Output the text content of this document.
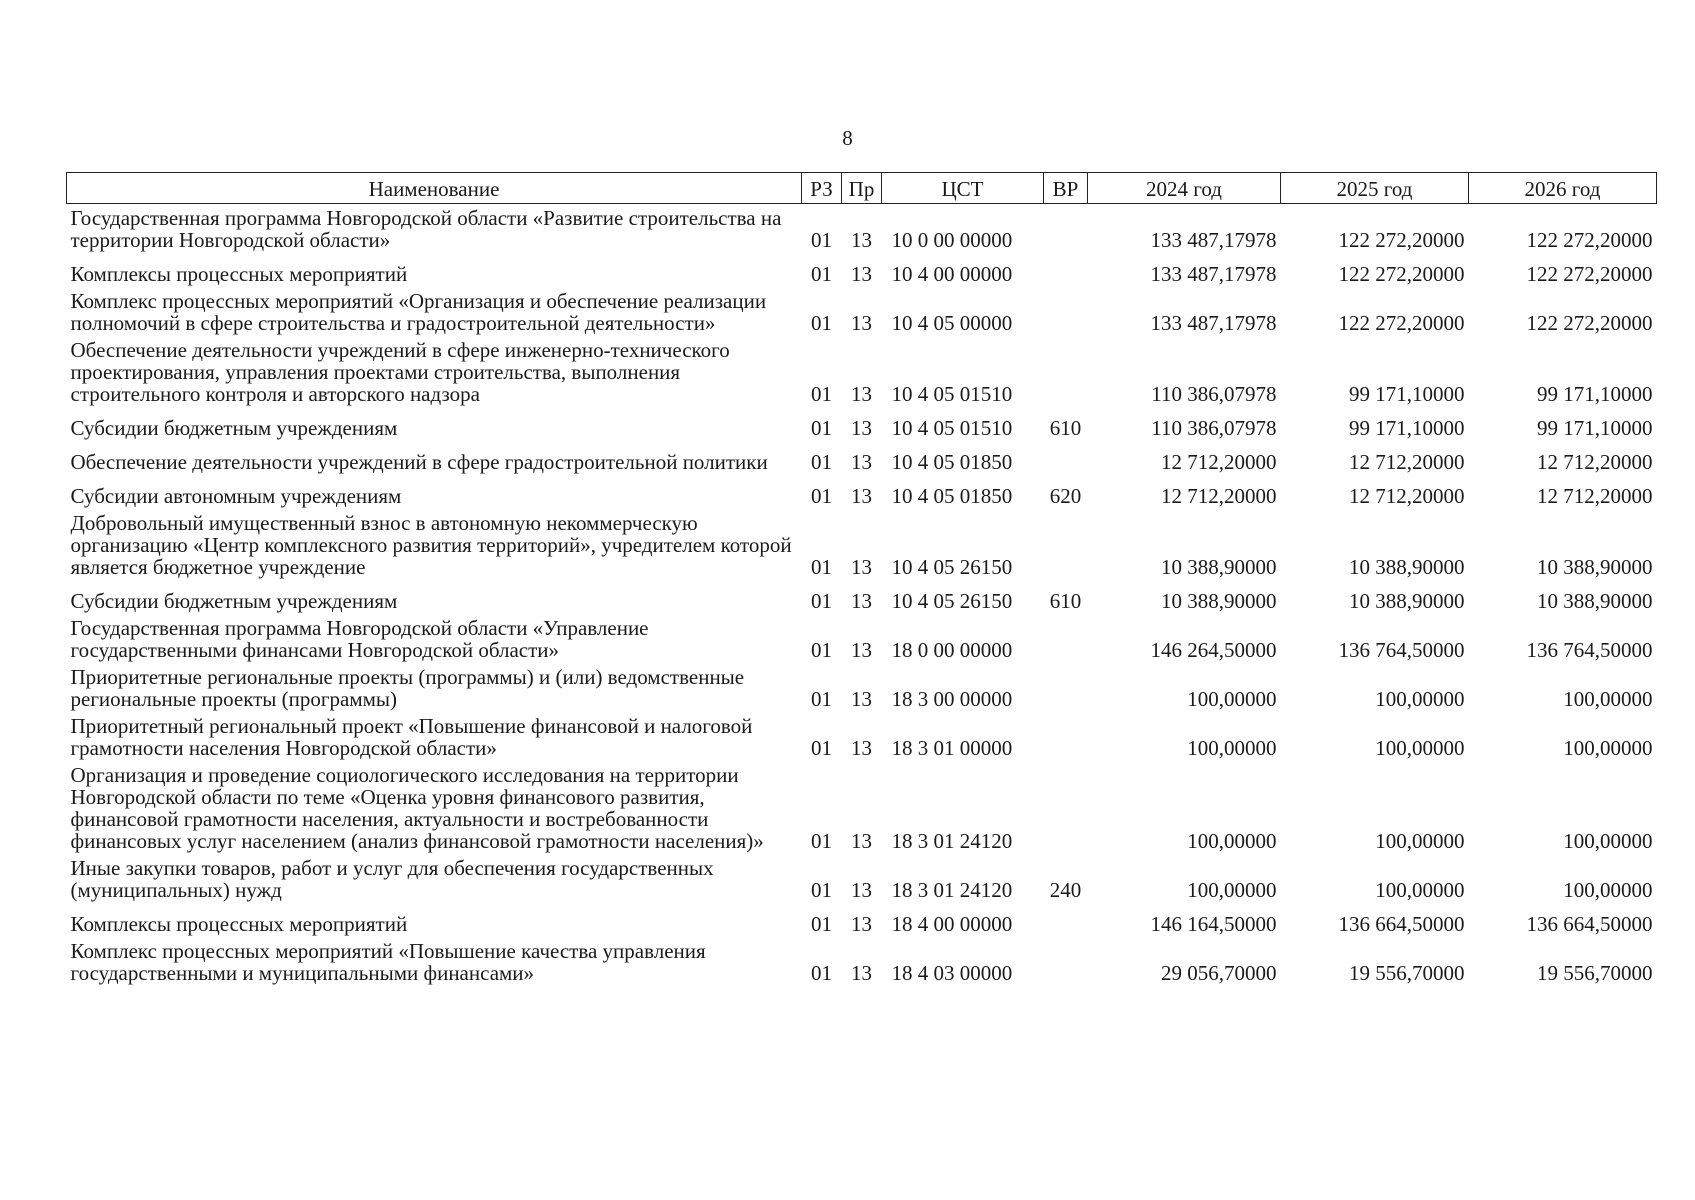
8
Наименование	РЗ	Пр	ЦСТ	ВР	2024 год	2025 год	2026 год
Государственная программа Новгородской области «Развитие строительства на территории Новгородской области»	01	13	10 0 00 00000		133 487,17978	122 272,20000	122 272,20000
Комплексы процессных мероприятий	01	13	10 4 00 00000		133 487,17978	122 272,20000	122 272,20000
Комплекс процессных мероприятий «Организация и обеспечение реализации полномочий в сфере строительства и градостроительной деятельности»	01	13	10 4 05 00000		133 487,17978	122 272,20000	122 272,20000
Обеспечение деятельности учреждений в сфере инженерно-технического проектирования, управления проектами строительства, выполнения строительного контроля и авторского надзора	01	13	10 4 05 01510		110 386,07978	99 171,10000	99 171,10000
Субсидии бюджетным учреждениям	01	13	10 4 05 01510	610	110 386,07978	99 171,10000	99 171,10000
Обеспечение деятельности учреждений в сфере градостроительной политики	01	13	10 4 05 01850		12 712,20000	12 712,20000	12 712,20000
Субсидии автономным учреждениям	01	13	10 4 05 01850	620	12 712,20000	12 712,20000	12 712,20000
Добровольный имущественный взнос в автономную некоммерческую организацию «Центр комплексного развития территорий», учредителем которой является бюджетное учреждение	01	13	10 4 05 26150		10 388,90000	10 388,90000	10 388,90000
Субсидии бюджетным учреждениям	01	13	10 4 05 26150	610	10 388,90000	10 388,90000	10 388,90000
Государственная программа Новгородской области «Управление государственными финансами Новгородской области»	01	13	18 0 00 00000		146 264,50000	136 764,50000	136 764,50000
Приоритетные региональные проекты (программы) и (или) ведомственные региональные проекты (программы)	01	13	18 3 00 00000		100,00000	100,00000	100,00000
Приоритетный региональный проект «Повышение финансовой и налоговой грамотности населения Новгородской области»	01	13	18 3 01 00000		100,00000	100,00000	100,00000
Организация и проведение социологического исследования на территории Новгородской области по теме «Оценка уровня финансового развития, финансовой грамотности населения, актуальности и востребованности финансовых услуг населением (анализ финансовой грамотности населения)»	01	13	18 3 01 24120		100,00000	100,00000	100,00000
Иные закупки товаров, работ и услуг для обеспечения государственных (муниципальных) нужд	01	13	18 3 01 24120	240	100,00000	100,00000	100,00000
Комплексы процессных мероприятий	01	13	18 4 00 00000		146 164,50000	136 664,50000	136 664,50000
Комплекс процессных мероприятий «Повышение качества управления государственными и муниципальными финансами»	01	13	18 4 03 00000		29 056,70000	19 556,70000	19 556,70000
